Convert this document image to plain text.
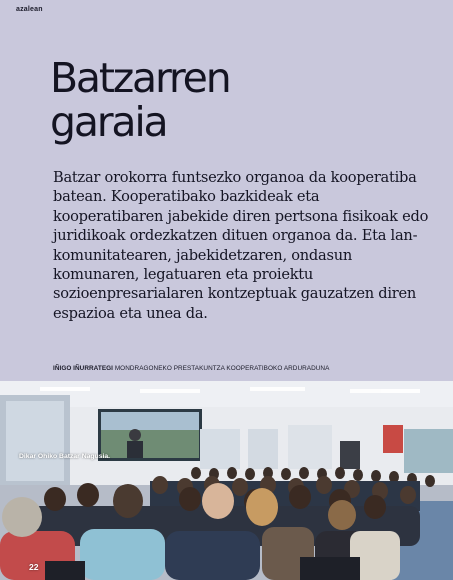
azalean
Batzarren
garaia

Batzar orokorra funtsezko organoa da kooperatiba batean. Kooperatibako bazkideak eta kooperatibaren jabekide diren pertsona fisikoak edo juridikoak ordezkatzen dituen organoa da. Eta lan-komunitatearen, jabekidetzaren, ondasun komunaren, legatuaren eta proiektu sozioenpresarialaren kontzeptuak gauzatzen diren espazioa eta unea da.

IÑIGO IÑURRATEGI MONDRAGONEKO PRESTAKUNTZA KOOPERATIBOKO ARDURADUNA
Dikar Ohiko Batzar Nagusia.
22
